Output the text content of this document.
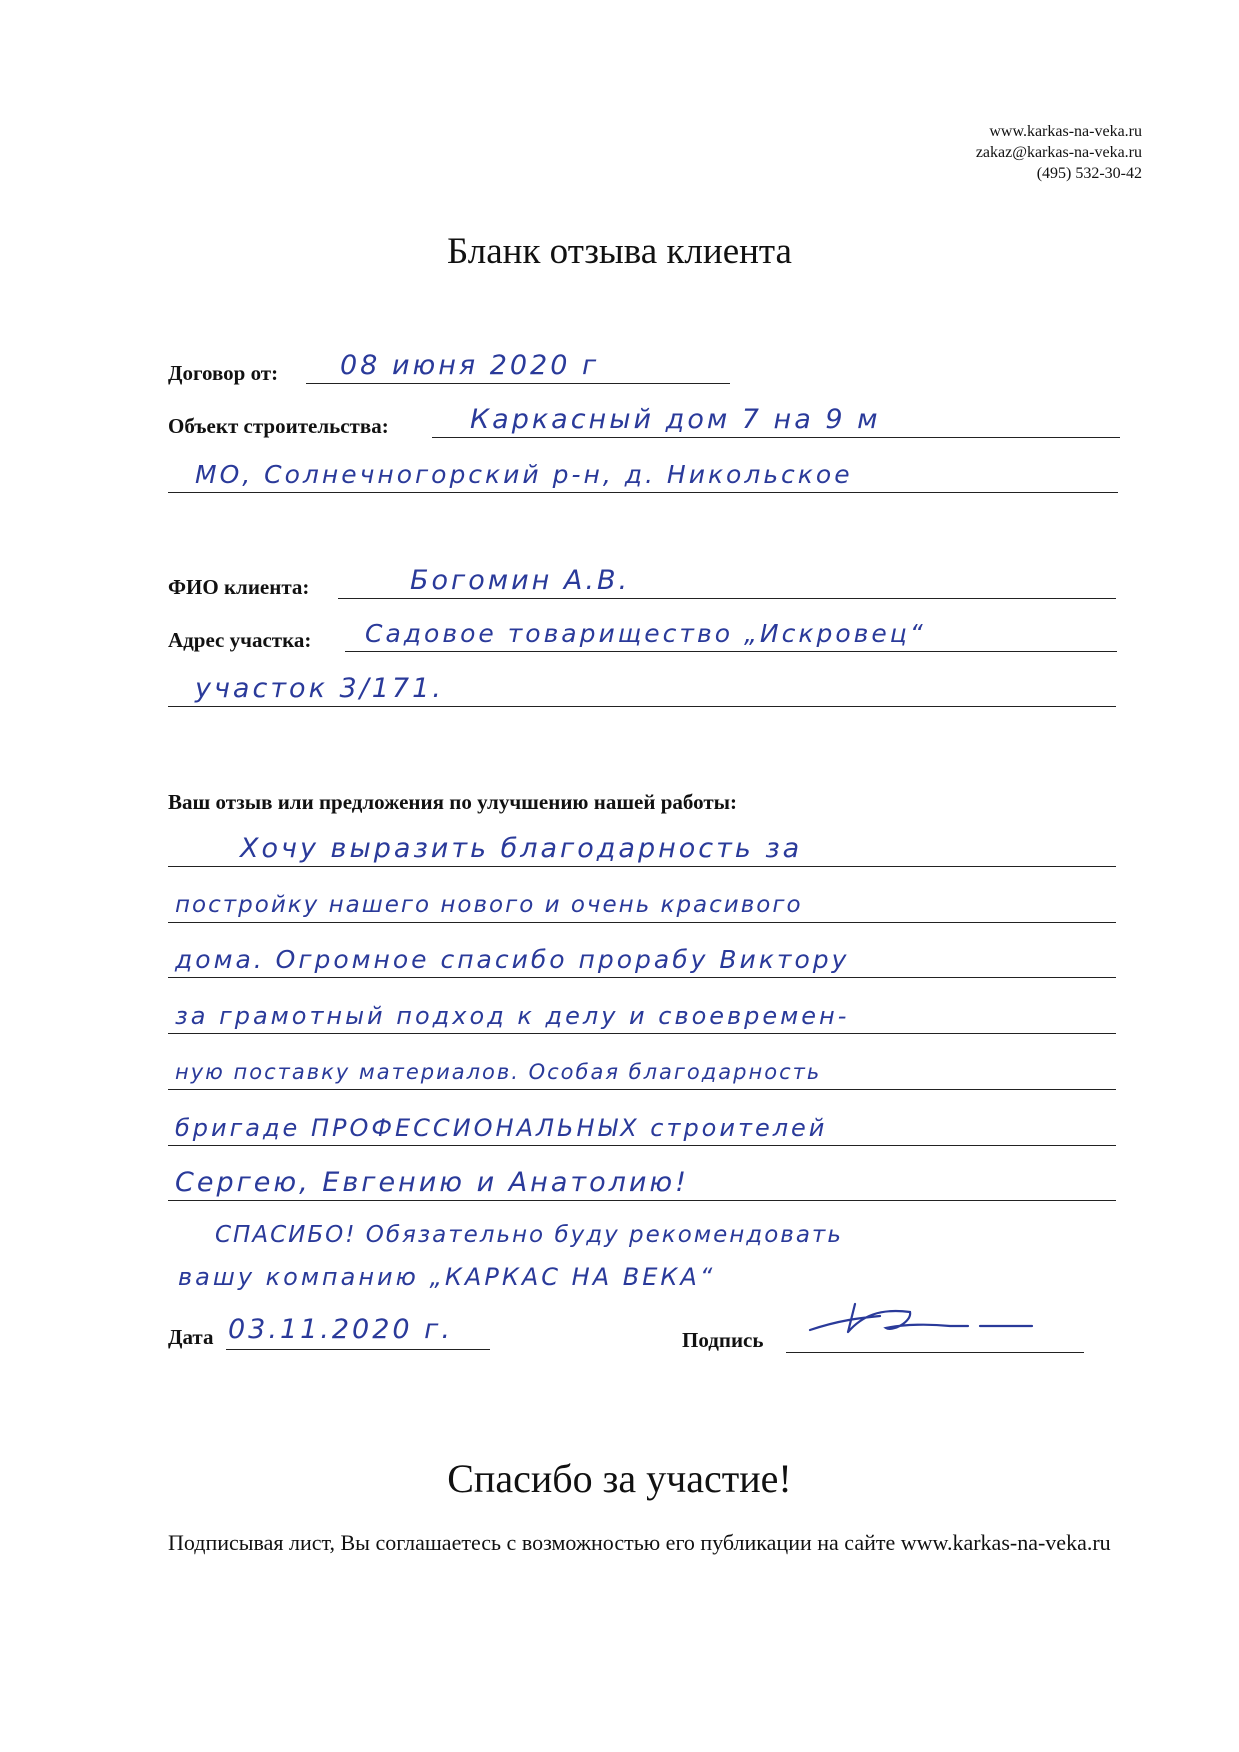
www.karkas-na-veka.ru
zakaz@karkas-na-veka.ru
(495) 532-30-42
Бланк отзыва клиента
Договор от: 08 июня 2020 г
Объект строительства:	Каркасный дом 7 на 9 м
МО, Солнечногорский р-н, д. Никольское
ФИО клиента:	Богомин А.В.
Адрес участка: Садовое товарищество „Искровец“
участок 3/171.
Ваш отзыв или предложения по улучшению нашей работы:
Хочу выразить благодарность за
постройку нашего нового и очень красивого
дома. Огромное спасибо прорабу Виктору
за грамотный подход к делу и своевремен-
ную поставку материалов. Особая благодарность
бригаде ПРОФЕССИОНАЛЬНЫХ строителей
Сергею, Евгению и Анатолию!
СПАСИБО! Обязательно буду рекомендовать
вашу компанию „КАРКАС НА ВЕКА“
Дата 03.11.2020 г.	Подпись
Спасибо за участие!
Подписывая лист, Вы соглашаетесь с возможностью его публикации на сайте www.karkas-na-veka.ru
